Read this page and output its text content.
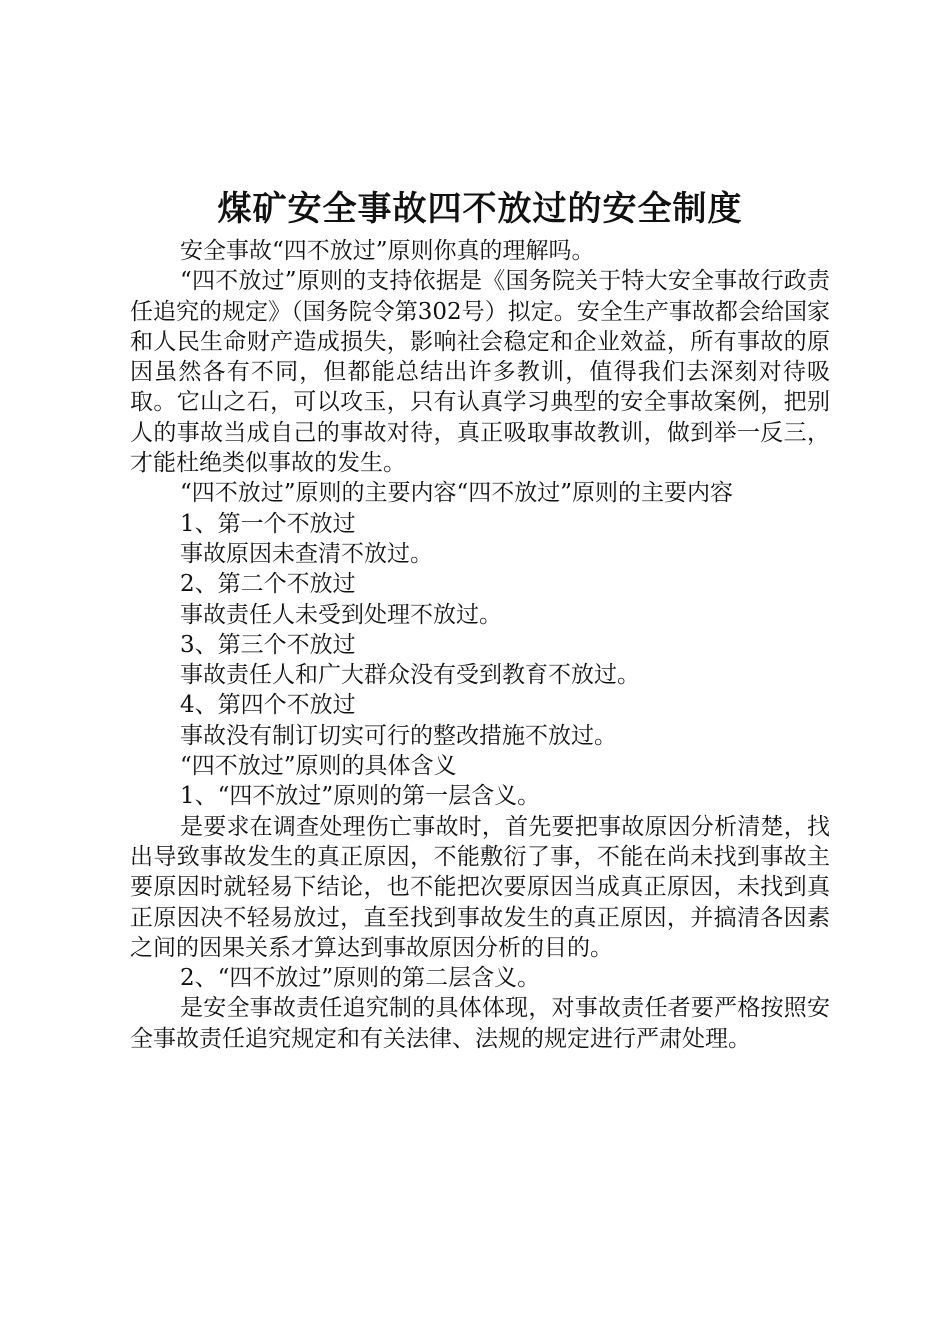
煤矿安全事故四不放过的安全制度

安全事故“四不放过”原则你真的理解吗。

“四不放过”原则的支持依据是《国务院关于特大安全事故行政责任追究的规定》（国务院令第302号）拟定。安全生产事故都会给国家和人民生命财产造成损失，影响社会稳定和企业效益，所有事故的原因虽然各有不同，但都能总结出许多教训，值得我们去深刻对待吸取。它山之石，可以攻玉，只有认真学习典型的安全事故案例，把别人的事故当成自己的事故对待，真正吸取事故教训，做到举一反三，才能杜绝类似事故的发生。

“四不放过”原则的主要内容“四不放过”原则的主要内容

1、第一个不放过

事故原因未查清不放过。

2、第二个不放过

事故责任人未受到处理不放过。

3、第三个不放过

事故责任人和广大群众没有受到教育不放过。

4、第四个不放过

事故没有制订切实可行的整改措施不放过。

“四不放过”原则的具体含义

1、“四不放过”原则的第一层含义。

是要求在调查处理伤亡事故时，首先要把事故原因分析清楚，找出导致事故发生的真正原因，不能敷衍了事，不能在尚未找到事故主要原因时就轻易下结论，也不能把次要原因当成真正原因，未找到真正原因决不轻易放过，直至找到事故发生的真正原因，并搞清各因素之间的因果关系才算达到事故原因分析的目的。

2、“四不放过”原则的第二层含义。

是安全事故责任追究制的具体体现，对事故责任者要严格按照安全事故责任追究规定和有关法律、法规的规定进行严肃处理。
